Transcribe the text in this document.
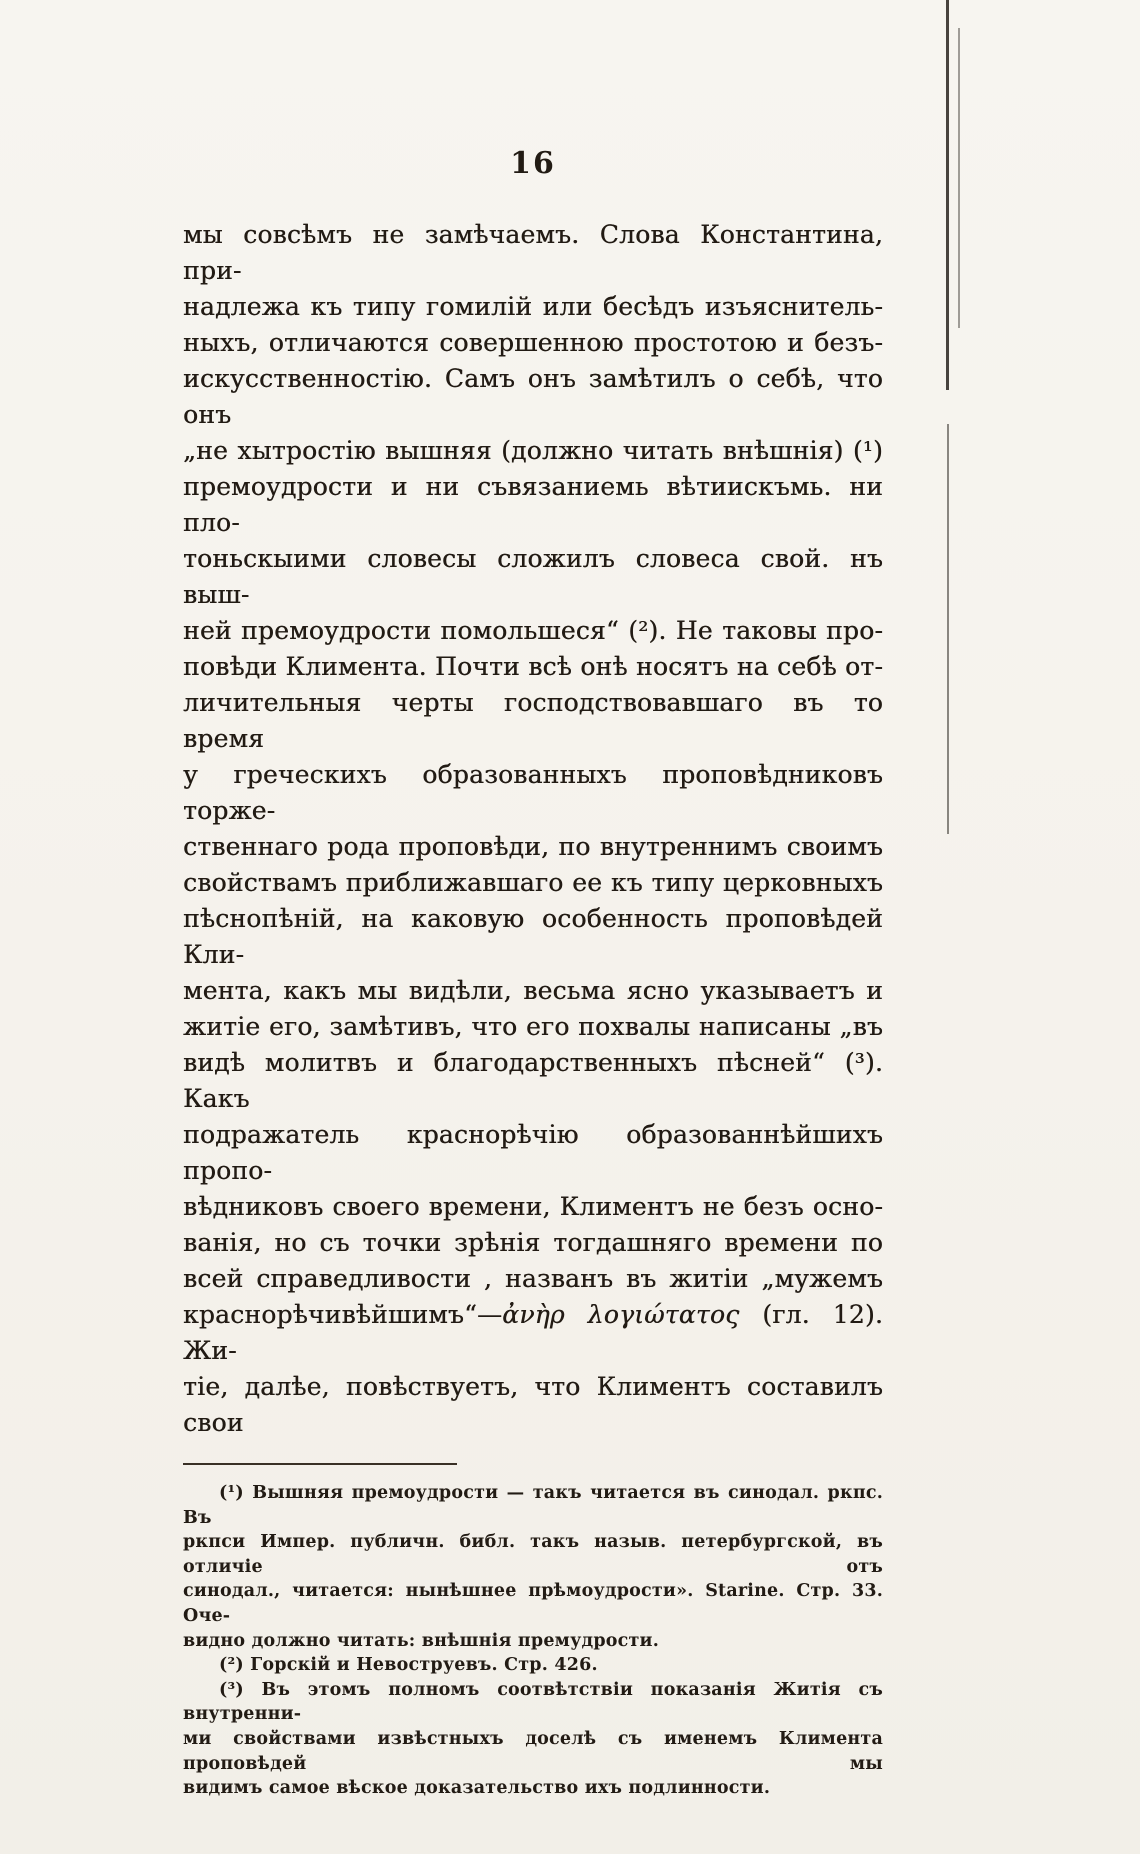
16
мы совсѣмъ не замѣчаемъ. Слова Константина, при-
надлежа къ типу гомилій или бесѣдъ изъяснитель-
ныхъ, отличаются совершенною простотою и безъ-
искусственностію. Самъ онъ замѣтилъ о себѣ, что онъ
„не хытростію вышняя (должно читать внѣшнія) (¹)
премоудрости и ни съвязаниемь вѣтиискъмь. ни пло-
тоньскыими словесы сложилъ словеса свой. нъ выш-
ней премоудрости помольшеся“ (²). Не таковы про-
повѣди Климента. Почти всѣ онѣ носятъ на себѣ от-
личительныя черты господствовавшаго въ то время
у греческихъ образованныхъ проповѣдниковъ торже-
ственнаго рода проповѣди, по внутреннимъ своимъ
свойствамъ приближавшаго ее къ типу церковныхъ
пѣснопѣній, на каковую особенность проповѣдей Кли-
мента, какъ мы видѣли, весьма ясно указываетъ и
житіе его, замѣтивъ, что его похвалы написаны „въ
видѣ молитвъ и благодарственныхъ пѣсней“ (³). Какъ
подражатель краснорѣчію образованнѣйшихъ пропо-
вѣдниковъ своего времени, Климентъ не безъ осно-
ванія, но съ точки зрѣнія тогдашняго времени по
всей справедливости , названъ въ житіи „мужемъ
краснорѣчивѣйшимъ“—ἀνὴρ λογιώτατος (гл. 12). Жи-
тіе, далѣе, повѣствуетъ, что Климентъ составилъ свои
(¹) Вышняя премоудрости — такъ читается въ синодал. ркпс. Въ
ркпси Импер. публичн. библ. такъ назыв. петербургской, въ отличіе отъ
синодал., читается: нынѣшнее прѣмоудрости». Starine. Стр. 33. Оче-
видно должно читать: внѣшнія премудрости.
(²) Горскій и Невоструевъ. Стр. 426.
(³) Въ этомъ полномъ соотвѣтствіи показанія Житія съ внутренни-
ми свойствами извѣстныхъ доселѣ съ именемъ Климента проповѣдей мы
видимъ самое вѣское доказательство ихъ подлинности.
